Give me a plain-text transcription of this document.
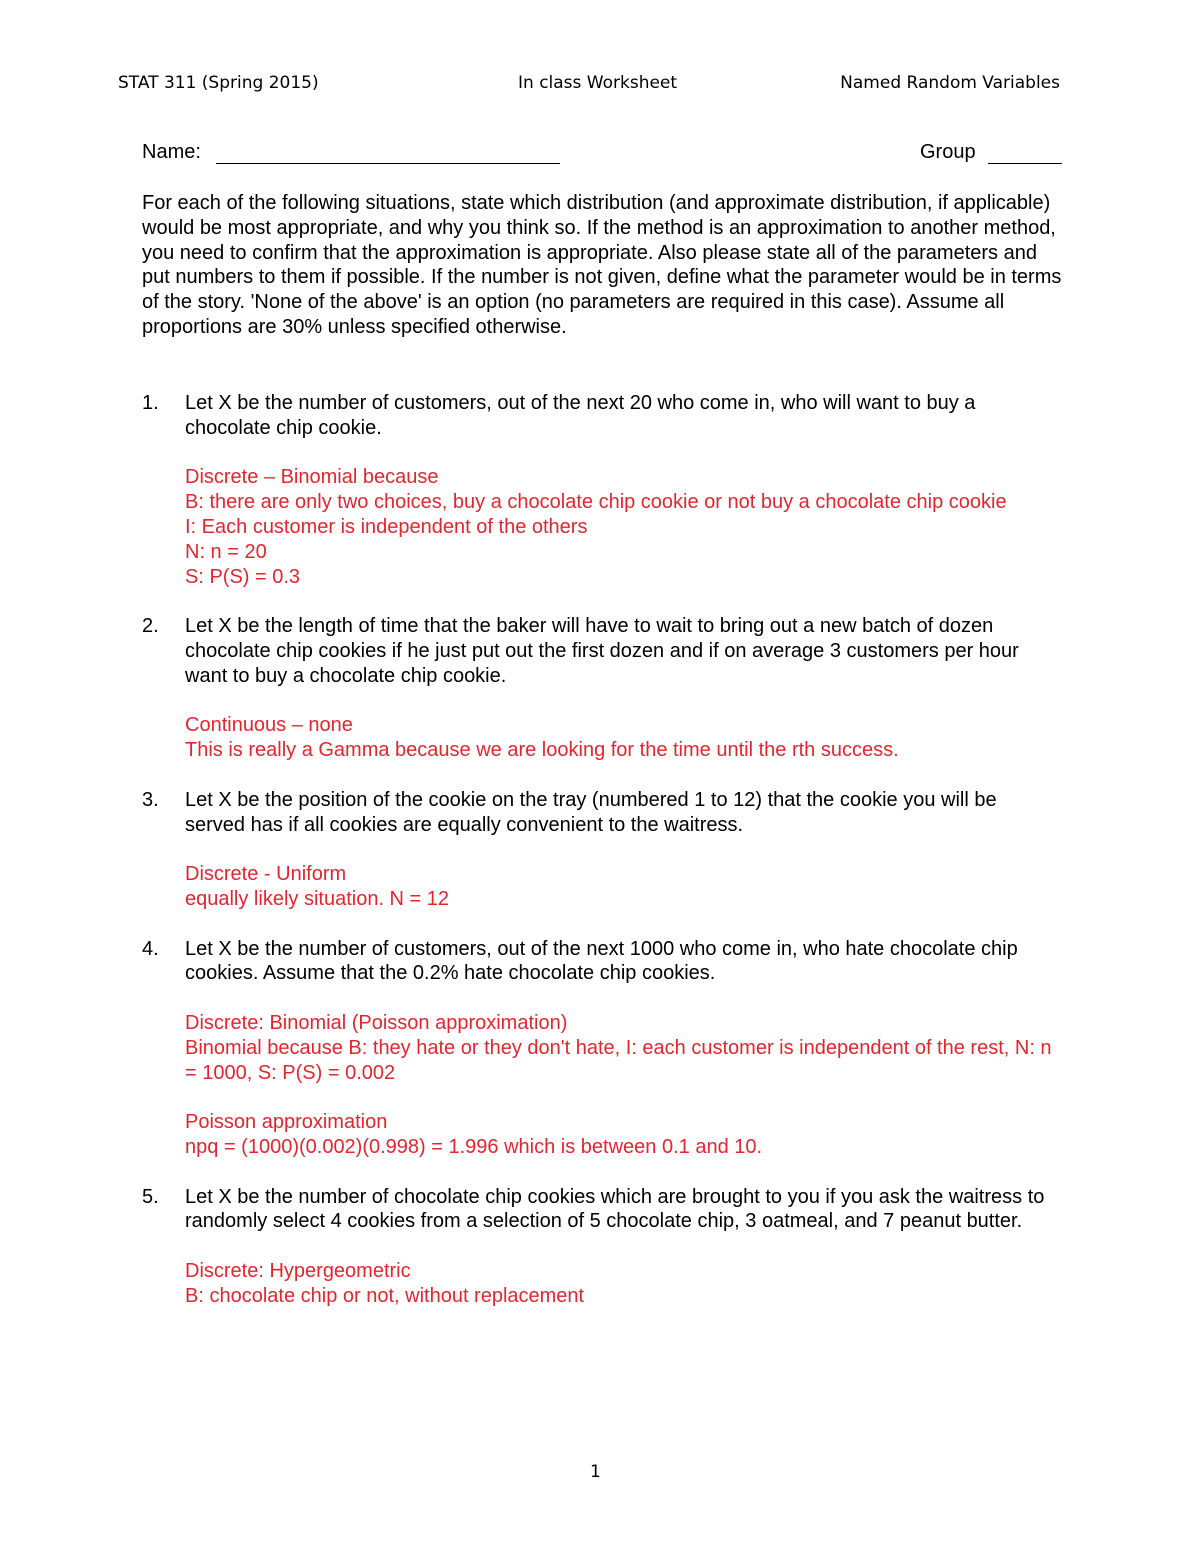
STAT 311 (Spring 2015)	In class Worksheet	Named Random Variables
Name:	Group

For each of the following situations, state which distribution (and approximate distribution, if applicable) would be most appropriate, and why you think so. If the method is an approximation to another method, you need to confirm that the approximation is appropriate. Also please state all of the parameters and put numbers to them if possible. If the number is not given, define what the parameter would be in terms of the story. 'None of the above' is an option (no parameters are required in this case). Assume all proportions are 30% unless specified otherwise.

1. Let X be the number of customers, out of the next 20 who come in, who will want to buy a chocolate chip cookie.

Discrete – Binomial because
B: there are only two choices, buy a chocolate chip cookie or not buy a chocolate chip cookie
I: Each customer is independent of the others
N: n = 20
S: P(S) = 0.3
2. Let X be the length of time that the baker will have to wait to bring out a new batch of dozen chocolate chip cookies if he just put out the first dozen and if on average 3 customers per hour want to buy a chocolate chip cookie.

Continuous – none
This is really a Gamma because we are looking for the time until the rth success.
3. Let X be the position of the cookie on the tray (numbered 1 to 12) that the cookie you will be served has if all cookies are equally convenient to the waitress.

Discrete - Uniform
equally likely situation. N = 12
4. Let X be the number of customers, out of the next 1000 who come in, who hate chocolate chip cookies. Assume that the 0.2% hate chocolate chip cookies.

Discrete: Binomial (Poisson approximation)
Binomial because B: they hate or they don't hate, I: each customer is independent of the rest, N: n = 1000, S: P(S) = 0.002
Poisson approximation
npq = (1000)(0.002)(0.998) = 1.996 which is between 0.1 and 10.
5. Let X be the number of chocolate chip cookies which are brought to you if you ask the waitress to randomly select 4 cookies from a selection of 5 chocolate chip, 3 oatmeal, and 7 peanut butter.

Discrete: Hypergeometric
B: chocolate chip or not, without replacement
1
